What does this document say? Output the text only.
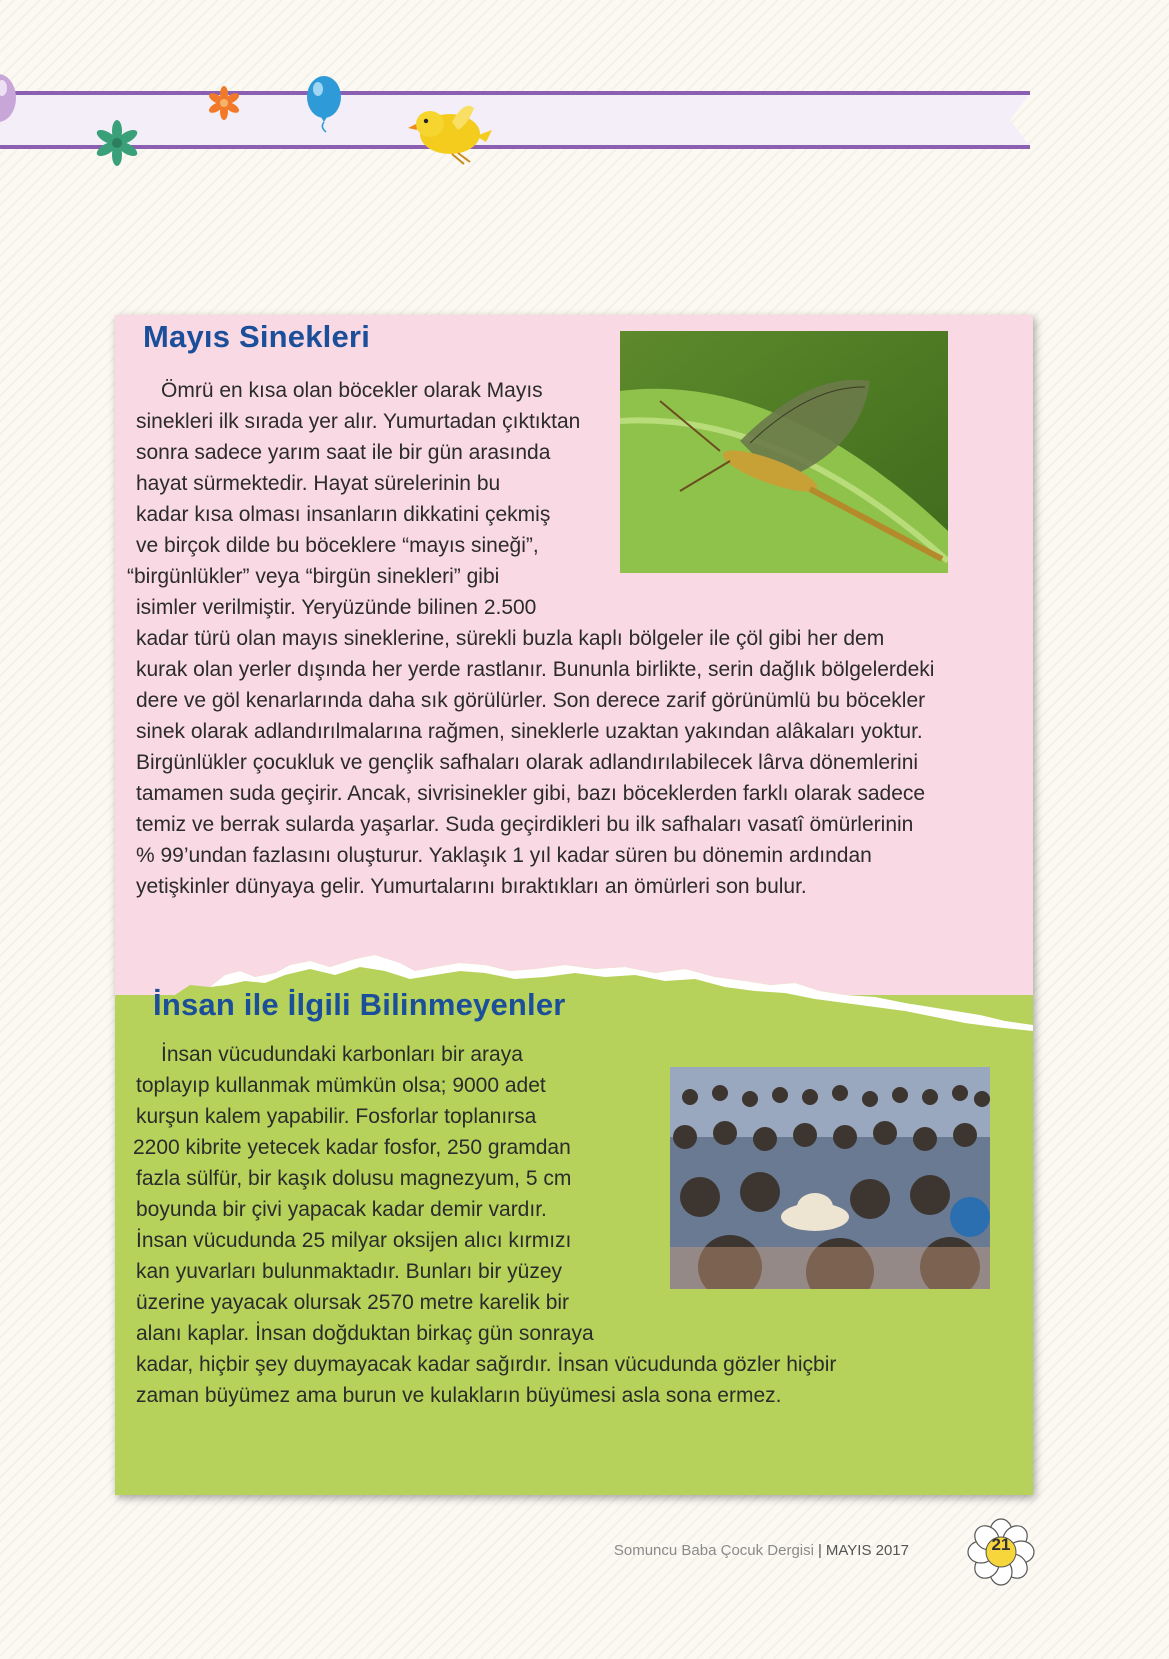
Mayıs Sinekleri
Ömrü en kısa olan böcekler olarak Mayıs
sinekleri ilk sırada yer alır. Yumurtadan çıktıktan
sonra sadece yarım saat ile bir gün arasında
hayat sürmektedir. Hayat sürelerinin bu
kadar kısa olması insanların dikkatini çekmiş
ve birçok dilde bu böceklere “mayıs sineği”,
“birgünlükler” veya “birgün sinekleri” gibi
isimler verilmiştir. Yeryüzünde bilinen 2.500
kadar türü olan mayıs sineklerine, sürekli buzla kaplı bölgeler ile çöl gibi her dem
kurak olan yerler dışında her yerde rastlanır. Bununla birlikte, serin dağlık bölgelerdeki
dere ve göl kenarlarında daha sık görülürler. Son derece zarif görünümlü bu böcekler
sinek olarak adlandırılmalarına rağmen, sineklerle uzaktan yakından alâkaları yoktur.
Birgünlükler çocukluk ve gençlik safhaları olarak adlandırılabilecek lârva dönemlerini
tamamen suda geçirir. Ancak, sivrisinekler gibi, bazı böceklerden farklı olarak sadece
temiz ve berrak sularda yaşarlar. Suda geçirdikleri bu ilk safhaları vasatî ömürlerinin
% 99’undan fazlasını oluşturur. Yaklaşık 1 yıl kadar süren bu dönemin ardından
yetişkinler dünyaya gelir. Yumurtalarını bıraktıkları an ömürleri son bulur.
İnsan ile İlgili Bilinmeyenler
İnsan vücudundaki karbonları bir araya
toplayıp kullanmak mümkün olsa; 9000 adet
kurşun kalem yapabilir. Fosforlar toplanırsa
2200 kibrite yetecek kadar fosfor, 250 gramdan
fazla sülfür, bir kaşık dolusu magnezyum, 5 cm
boyunda bir çivi yapacak kadar demir vardır.
İnsan vücudunda 25 milyar oksijen alıcı kırmızı
kan yuvarları bulunmaktadır. Bunları bir yüzey
üzerine yayacak olursak 2570 metre karelik bir
alanı kaplar. İnsan doğduktan birkaç gün sonraya
kadar, hiçbir şey duymayacak kadar sağırdır. İnsan vücudunda gözler hiçbir
zaman büyümez ama burun ve kulakların büyümesi asla sona ermez.
Somuncu Baba Çocuk Dergisi | MAYIS 2017	21
